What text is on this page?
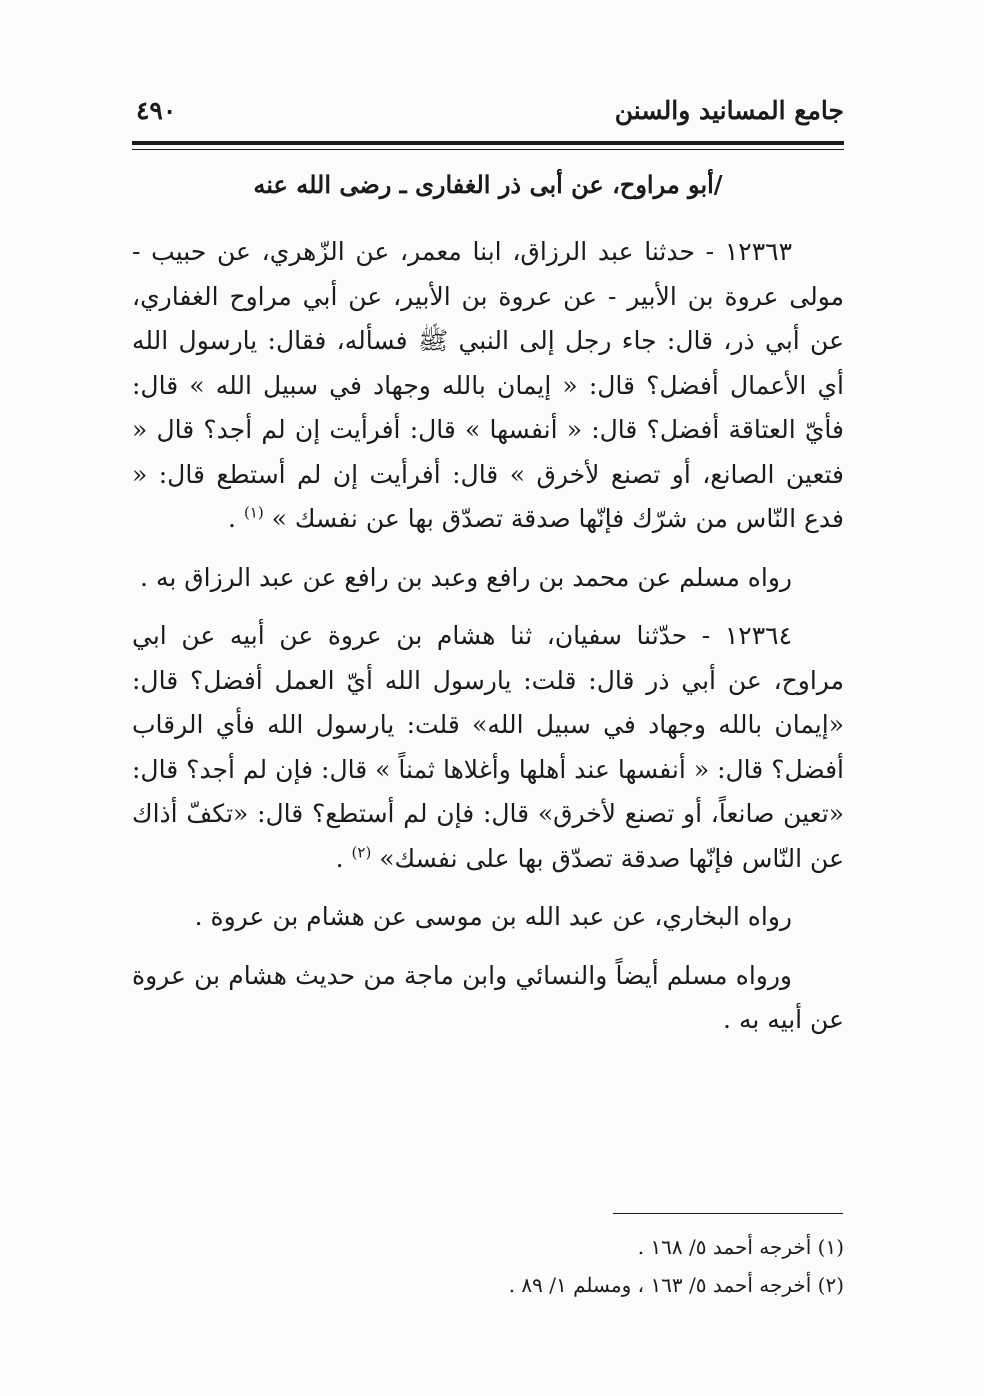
جامع المسانيد والسنن
٤٩٠
/أبو مراوح، عن أبى ذر الغفارى ـ رضى الله عنه

١٢٣٦٣ - حدثنا عبد الرزاق، ابنا معمر، عن الزّهري، عن حبيب - مولى عروة بن الأبير - عن عروة بن الأبير، عن أبي مراوح الغفاري، عن أبي ذر، قال: جاء رجل إلى النبي ﷺ فسأله، فقال: يارسول الله أي الأعمال أفضل؟ قال: « إيمان بالله وجهاد في سبيل الله » قال: فأيّ العتاقة أفضل؟ قال: « أنفسها » قال: أفرأيت إن لم أجد؟ قال « فتعين الصانع، أو تصنع لأخرق » قال: أفرأيت إن لم أستطع قال: « فدع النّاس من شرّك فإنّها صدقة تصدّق بها عن نفسك » $^{(١)}$ .

رواه مسلم عن محمد بن رافع وعبد بن رافع عن عبد الرزاق به .

١٢٣٦٤ - حدّثنا سفيان، ثنا هشام بن عروة عن أبيه عن ابي مراوح، عن أبي ذر قال: قلت: يارسول الله أيّ العمل أفضل؟ قال: «إيمان بالله وجهاد في سبيل الله» قلت: يارسول الله فأي الرقاب أفضل؟ قال: « أنفسها عند أهلها وأغلاها ثمناً » قال: فإن لم أجد؟ قال: «تعين صانعاً، أو تصنع لأخرق» قال: فإن لم أستطع؟ قال: «تكفّ أذاك عن النّاس فإنّها صدقة تصدّق بها على نفسك» $^{(٢)}$ .

رواه البخاري، عن عبد الله بن موسى عن هشام بن عروة .

ورواه مسلم أيضاً والنسائي وابن ماجة من حديث هشام بن عروة عن أبيه به .

(١) أخرجه أحمد ٥/ ١٦٨ .

(٢) أخرجه أحمد ٥/ ١٦٣ ، ومسلم ١/ ٨٩ .
